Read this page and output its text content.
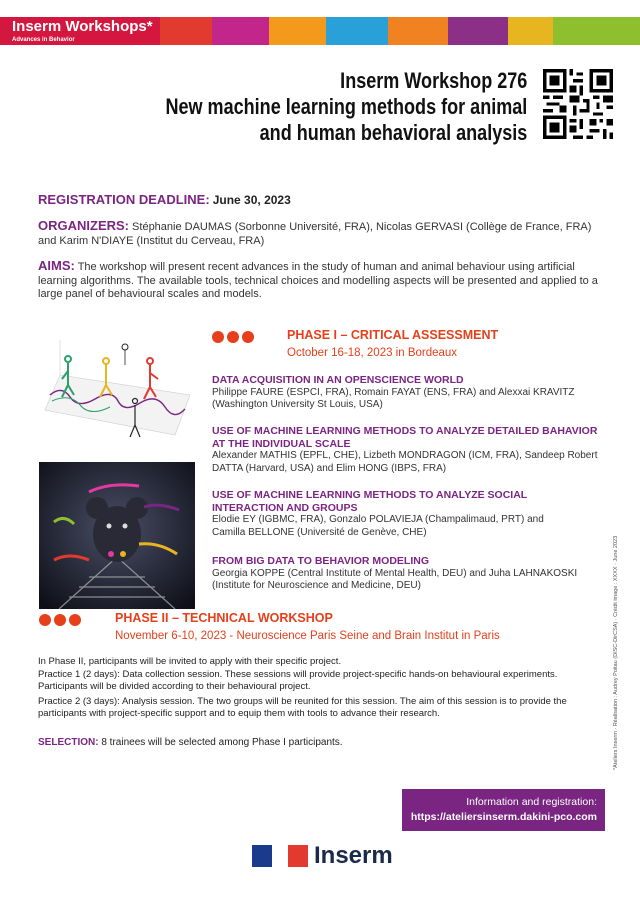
Inserm Workshops*
Advances in Behavior
Inserm Workshop 276
New machine learning methods for animal
and human behavioral analysis
REGISTRATION DEADLINE: June 30, 2023
ORGANIZERS: Stéphanie DAUMAS (Sorbonne Université, FRA), Nicolas GERVASI (Collège de France, FRA) and Karim N'DIAYE (Institut du Cerveau, FRA)
AIMS: The workshop will present recent advances in the study of human and animal behaviour using artificial learning algorithms. The available tools, technical choices and modelling aspects will be presented and applied to a large panel of behavioural scales and models.
PHASE I – CRITICAL ASSESSMENT
October 16-18, 2023 in Bordeaux
DATA ACQUISITION IN AN OPENSCIENCE WORLD
Philippe FAURE (ESPCI, FRA), Romain FAYAT (ENS, FRA) and Alexxai KRAVITZ (Washington University St Louis, USA)
USE OF MACHINE LEARNING METHODS TO ANALYZE DETAILED BAHAVIOR AT THE INDIVIDUAL SCALE
Alexander MATHIS (EPFL, CHE), Lizbeth MONDRAGON (ICM, FRA), Sandeep Robert DATTA (Harvard, USA) and Elim HONG (IBPS, FRA)
USE OF MACHINE LEARNING METHODS TO ANALYZE SOCIAL INTERACTION AND GROUPS
Elodie EY (IGBMC, FRA), Gonzalo POLAVIEJA (Champalimaud, PRT) and Camilla BELLONE (Université de Genève, CHE)
FROM BIG DATA TO BEHAVIOR MODELING
Georgia KOPPE (Central Institute of Mental Health, DEU) and Juha LAHNAKOSKI (Institute for Neuroscience and Medicine, DEU)
PHASE II – TECHNICAL WORKSHOP
November 6-10, 2023 - Neuroscience Paris Seine and Brain Institut in Paris
In Phase II, participants will be invited to apply with their specific project.
Practice 1 (2 days): Data collection session. These sessions will provide project-specific hands-on behavioural experiments. Participants will be divided according to their behavioural project.
Practice 2 (3 days): Analysis session. The two groups will be reunited for this session. The aim of this session is to provide the participants with project-specific support and to equip them with tools to advance their research.
SELECTION: 8 trainees will be selected among Phase I participants.
Information and registration:
https://ateliersinserm.dakini-pco.com
*Ateliers Inserm · Réalisation : Audrey Poitau (DISC-DirCSA) · Crédit image : XXXX · June 2023
Inserm
